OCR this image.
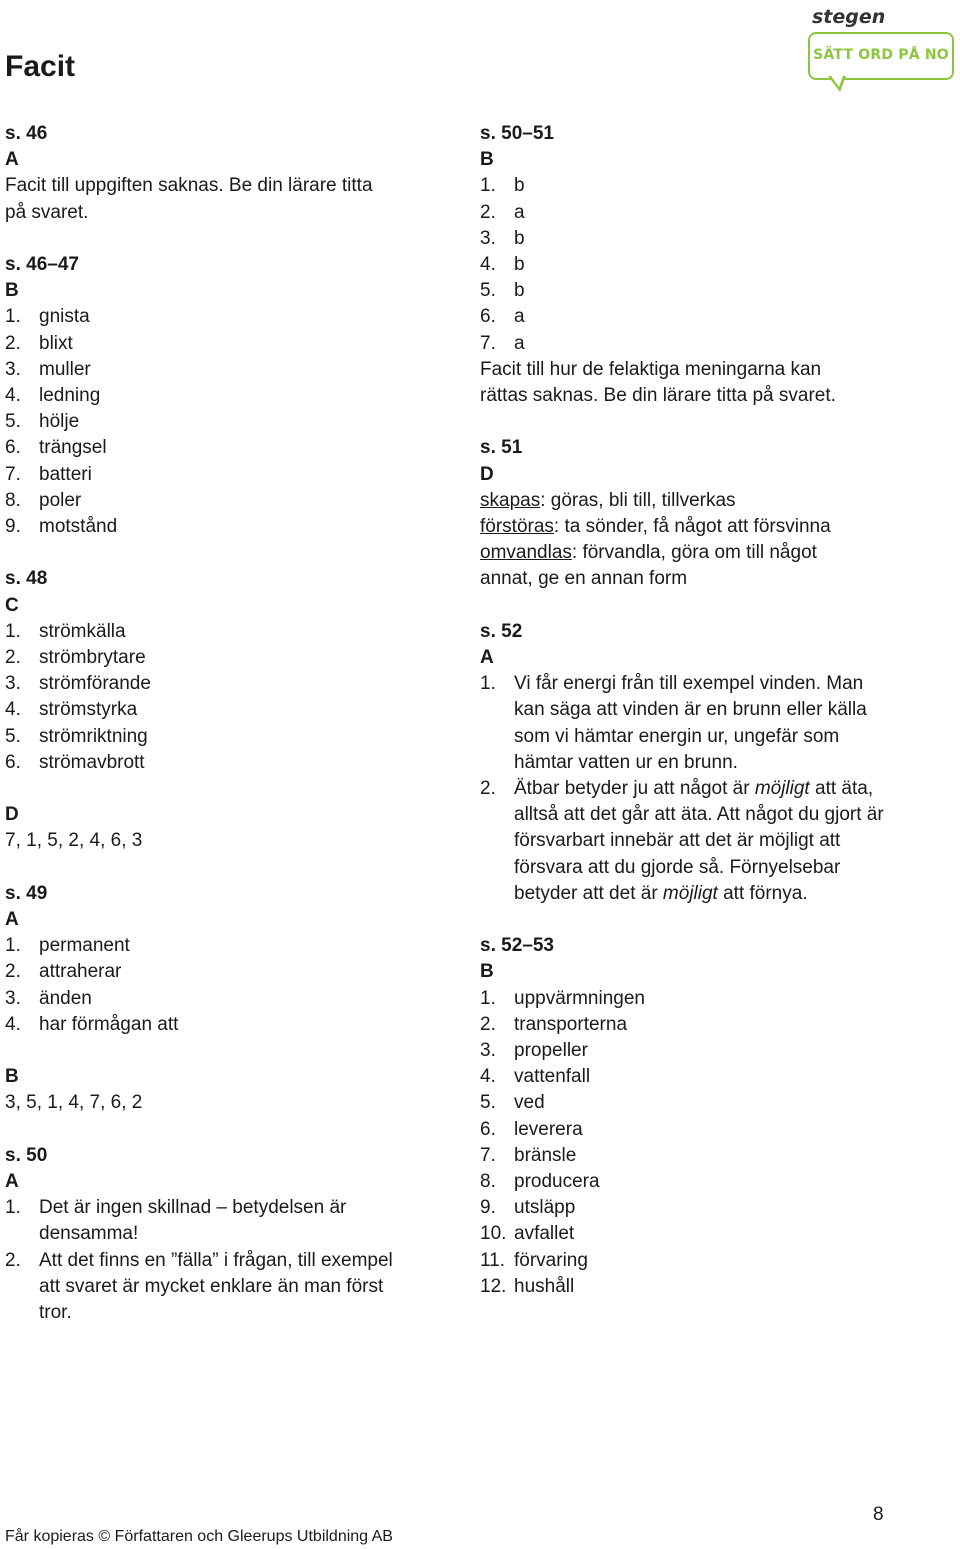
Facit
stegen
SÄTT ORD PÅ NO
s. 46
A
Facit till uppgiften saknas. Be din lärare titta på svaret.
s. 46–47
B
1. gnista
2. blixt
3. muller
4. ledning
5. hölje
6. trängsel
7. batteri
8. poler
9. motstånd
s. 48
C
1. strömkälla
2. strömbrytare
3. strömförande
4. strömstyrka
5. strömriktning
6. strömavbrott
D
7, 1, 5, 2, 4, 6, 3
s. 49
A
1. permanent
2. attraherar
3. änden
4. har förmågan att
B
3, 5, 1, 4, 7, 6, 2
s. 50
A
1. Det är ingen skillnad – betydelsen är densamma!
2. Att det finns en ”fälla” i frågan, till exempel att svaret är mycket enklare än man först tror.
s. 50–51
B
1. b
2. a
3. b
4. b
5. b
6. a
7. a
Facit till hur de felaktiga meningarna kan rättas saknas. Be din lärare titta på svaret.
s. 51
D
skapas: göras, bli till, tillverkas
förstöras: ta sönder, få något att försvinna
omvandlas: förvandla, göra om till något annat, ge en annan form
s. 52
A
1. Vi får energi från till exempel vinden. Man kan säga att vinden är en brunn eller källa som vi hämtar energin ur, ungefär som hämtar vatten ur en brunn.
2. Ätbar betyder ju att något är möjligt att äta, alltså att det går att äta. Att något du gjort är försvarbart innebär att det är möjligt att försvara att du gjorde så. Förnyelsebar betyder att det är möjligt att förnya.
s. 52–53
B
1. uppvärmningen
2. transporterna
3. propeller
4. vattenfall
5. ved
6. leverera
7. bränsle
8. producera
9. utsläpp
10. avfallet
11. förvaring
12. hushåll
8
Får kopieras © Författaren och Gleerups Utbildning AB
